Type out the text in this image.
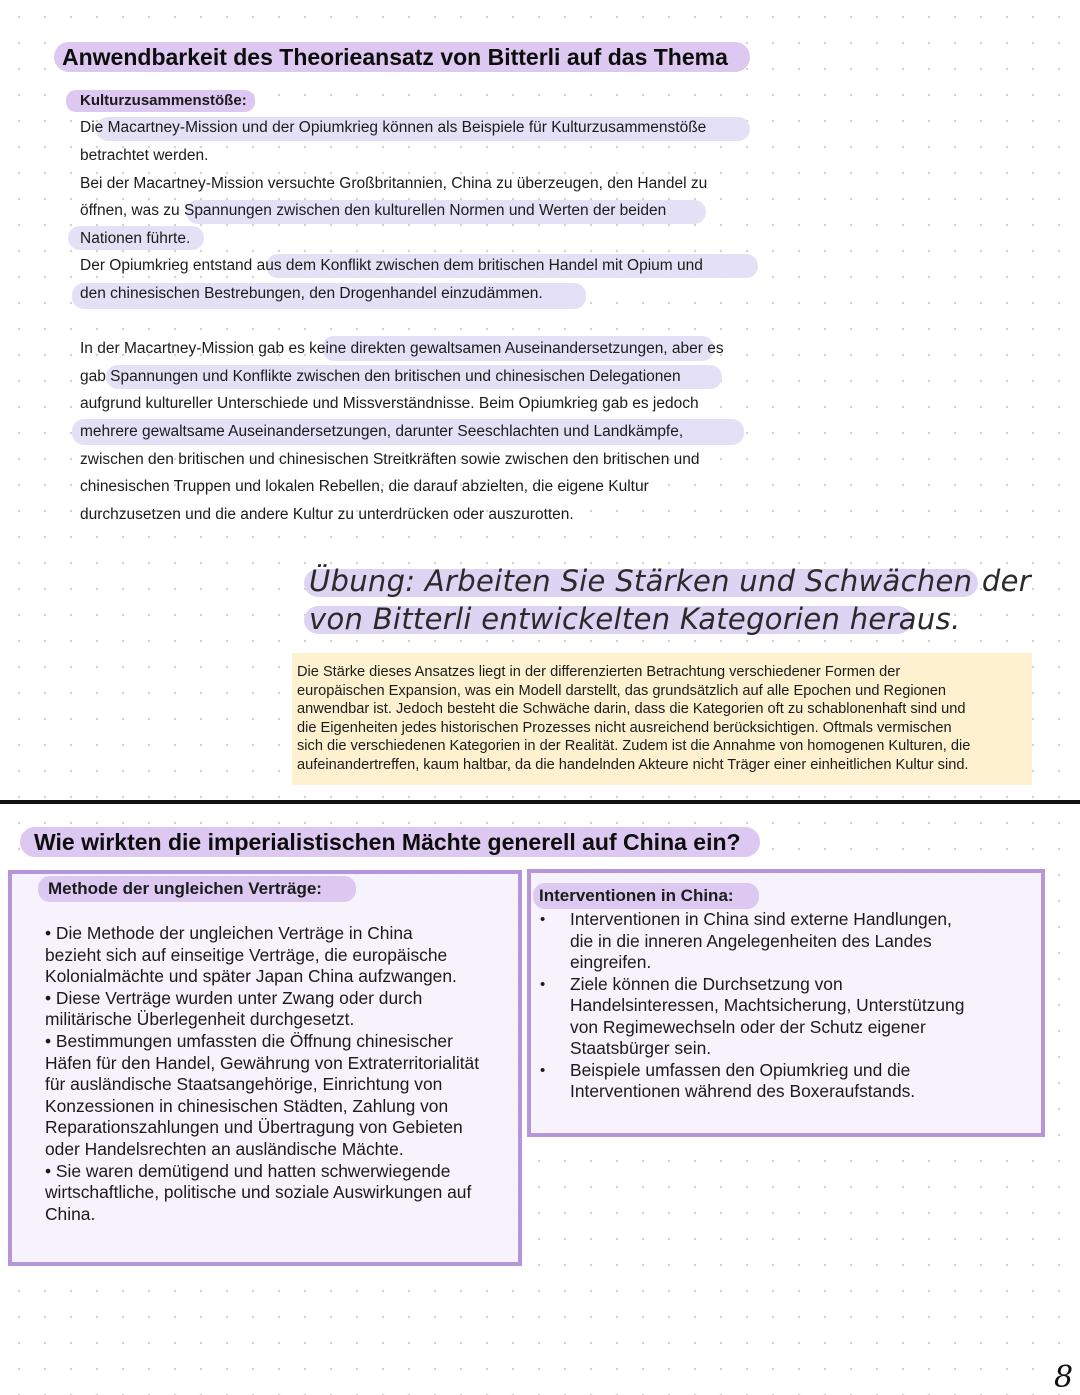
Anwendbarkeit des Theorieansatz von Bitterli auf das Thema
Kulturzusammenstöße:
Die Macartney-Mission und der Opiumkrieg können als Beispiele für Kulturzusammenstöße
betrachtet werden.
Bei der Macartney-Mission versuchte Großbritannien, China zu überzeugen, den Handel zu
öffnen, was zu Spannungen zwischen den kulturellen Normen und Werten der beiden
Nationen führte.
Der Opiumkrieg entstand aus dem Konflikt zwischen dem britischen Handel mit Opium und
den chinesischen Bestrebungen, den Drogenhandel einzudämmen.
In der Macartney-Mission gab es keine direkten gewaltsamen Auseinandersetzungen, aber es
gab Spannungen und Konflikte zwischen den britischen und chinesischen Delegationen
aufgrund kultureller Unterschiede und Missverständnisse. Beim Opiumkrieg gab es jedoch
mehrere gewaltsame Auseinandersetzungen, darunter Seeschlachten und Landkämpfe,
zwischen den britischen und chinesischen Streitkräften sowie zwischen den britischen und
chinesischen Truppen und lokalen Rebellen, die darauf abzielten, die eigene Kultur
durchzusetzen und die andere Kultur zu unterdrücken oder auszurotten.
Übung: Arbeiten Sie Stärken und Schwächen der
von Bitterli entwickelten Kategorien heraus.

Die Stärke dieses Ansatzes liegt in der differenzierten Betrachtung verschiedener Formen der

europäischen Expansion, was ein Modell darstellt, das grundsätzlich auf alle Epochen und Regionen

anwendbar ist. Jedoch besteht die Schwäche darin, dass die Kategorien oft zu schablonenhaft sind und

die Eigenheiten jedes historischen Prozesses nicht ausreichend berücksichtigen. Oftmals vermischen

sich die verschiedenen Kategorien in der Realität. Zudem ist die Annahme von homogenen Kulturen, die

aufeinandertreffen, kaum haltbar, da die handelnden Akteure nicht Träger einer einheitlichen Kultur sind.

Wie wirkten die imperialistischen Mächte generell auf China ein?
Methode der ungleichen Verträge:
• Die Methode der ungleichen Verträge in China
bezieht sich auf einseitige Verträge, die europäische
Kolonialmächte und später Japan China aufzwangen.
• Diese Verträge wurden unter Zwang oder durch
militärische Überlegenheit durchgesetzt.
• Bestimmungen umfassten die Öffnung chinesischer
Häfen für den Handel, Gewährung von Extraterritorialität
für ausländische Staatsangehörige, Einrichtung von
Konzessionen in chinesischen Städten, Zahlung von
Reparationszahlungen und Übertragung von Gebieten
oder Handelsrechten an ausländische Mächte.
• Sie waren demütigend und hatten schwerwiegende
wirtschaftliche, politische und soziale Auswirkungen auf
China.
Interventionen in China:
•
•
•
Interventionen in China sind externe Handlungen,
die in die inneren Angelegenheiten des Landes
eingreifen.
Ziele können die Durchsetzung von
Handelsinteressen, Machtsicherung, Unterstützung
von Regimewechseln oder der Schutz eigener
Staatsbürger sein.
Beispiele umfassen den Opiumkrieg und die
Interventionen während des Boxeraufstands.
8
